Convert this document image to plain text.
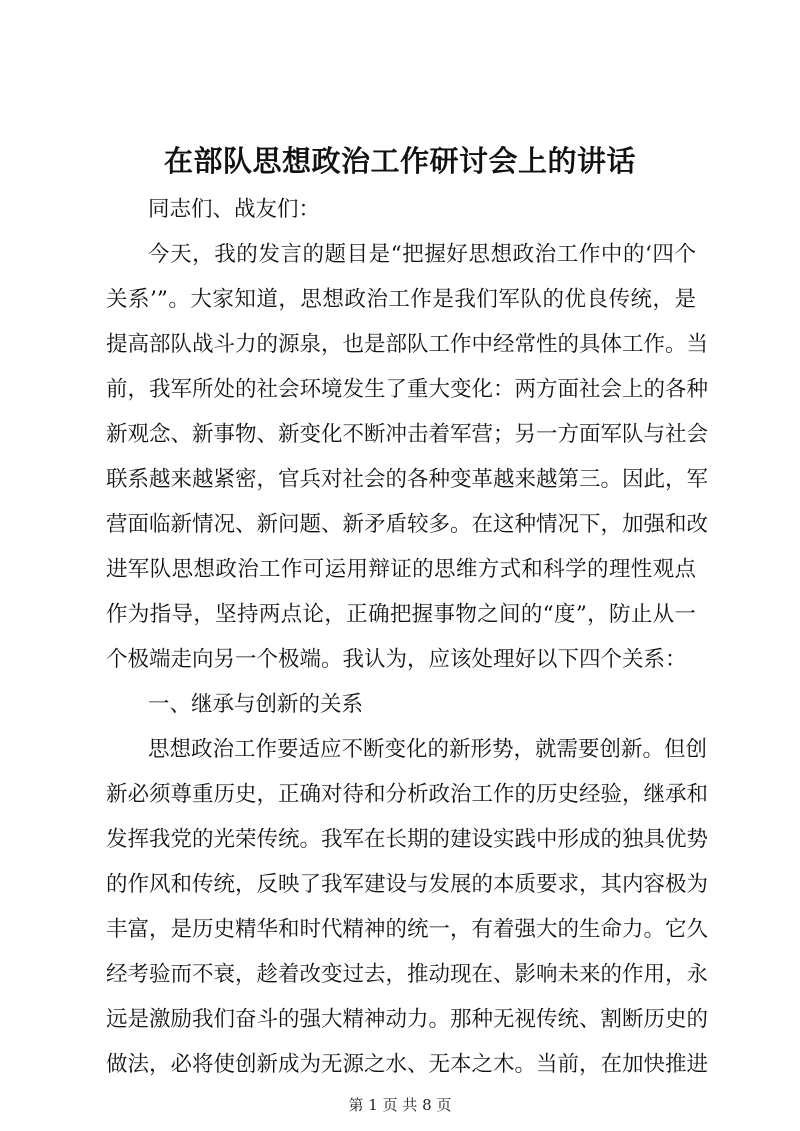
在部队思想政治工作研讨会上的讲话
同志们、战友们：
今天，我的发言的题目是“把握好思想政治工作中的‘四个
关系’”。大家知道，思想政治工作是我们军队的优良传统，是
提高部队战斗力的源泉，也是部队工作中经常性的具体工作。当
前，我军所处的社会环境发生了重大变化：两方面社会上的各种
新观念、新事物、新变化不断冲击着军营；另一方面军队与社会
联系越来越紧密，官兵对社会的各种变革越来越第三。因此，军
营面临新情况、新问题、新矛盾较多。在这种情况下，加强和改
进军队思想政治工作可运用辩证的思维方式和科学的理性观点
作为指导，坚持两点论，正确把握事物之间的“度”，防止从一
个极端走向另一个极端。我认为，应该处理好以下四个关系：
一、继承与创新的关系
思想政治工作要适应不断变化的新形势，就需要创新。但创
新必须尊重历史，正确对待和分析政治工作的历史经验，继承和
发挥我党的光荣传统。我军在长期的建设实践中形成的独具优势
的作风和传统，反映了我军建设与发展的本质要求，其内容极为
丰富，是历史精华和时代精神的统一，有着强大的生命力。它久
经考验而不衰，趁着改变过去，推动现在、影响未来的作用，永
远是激励我们奋斗的强大精神动力。那种无视传统、割断历史的
做法，必将使创新成为无源之水、无本之木。当前，在加快推进
第 1 页 共 8 页
